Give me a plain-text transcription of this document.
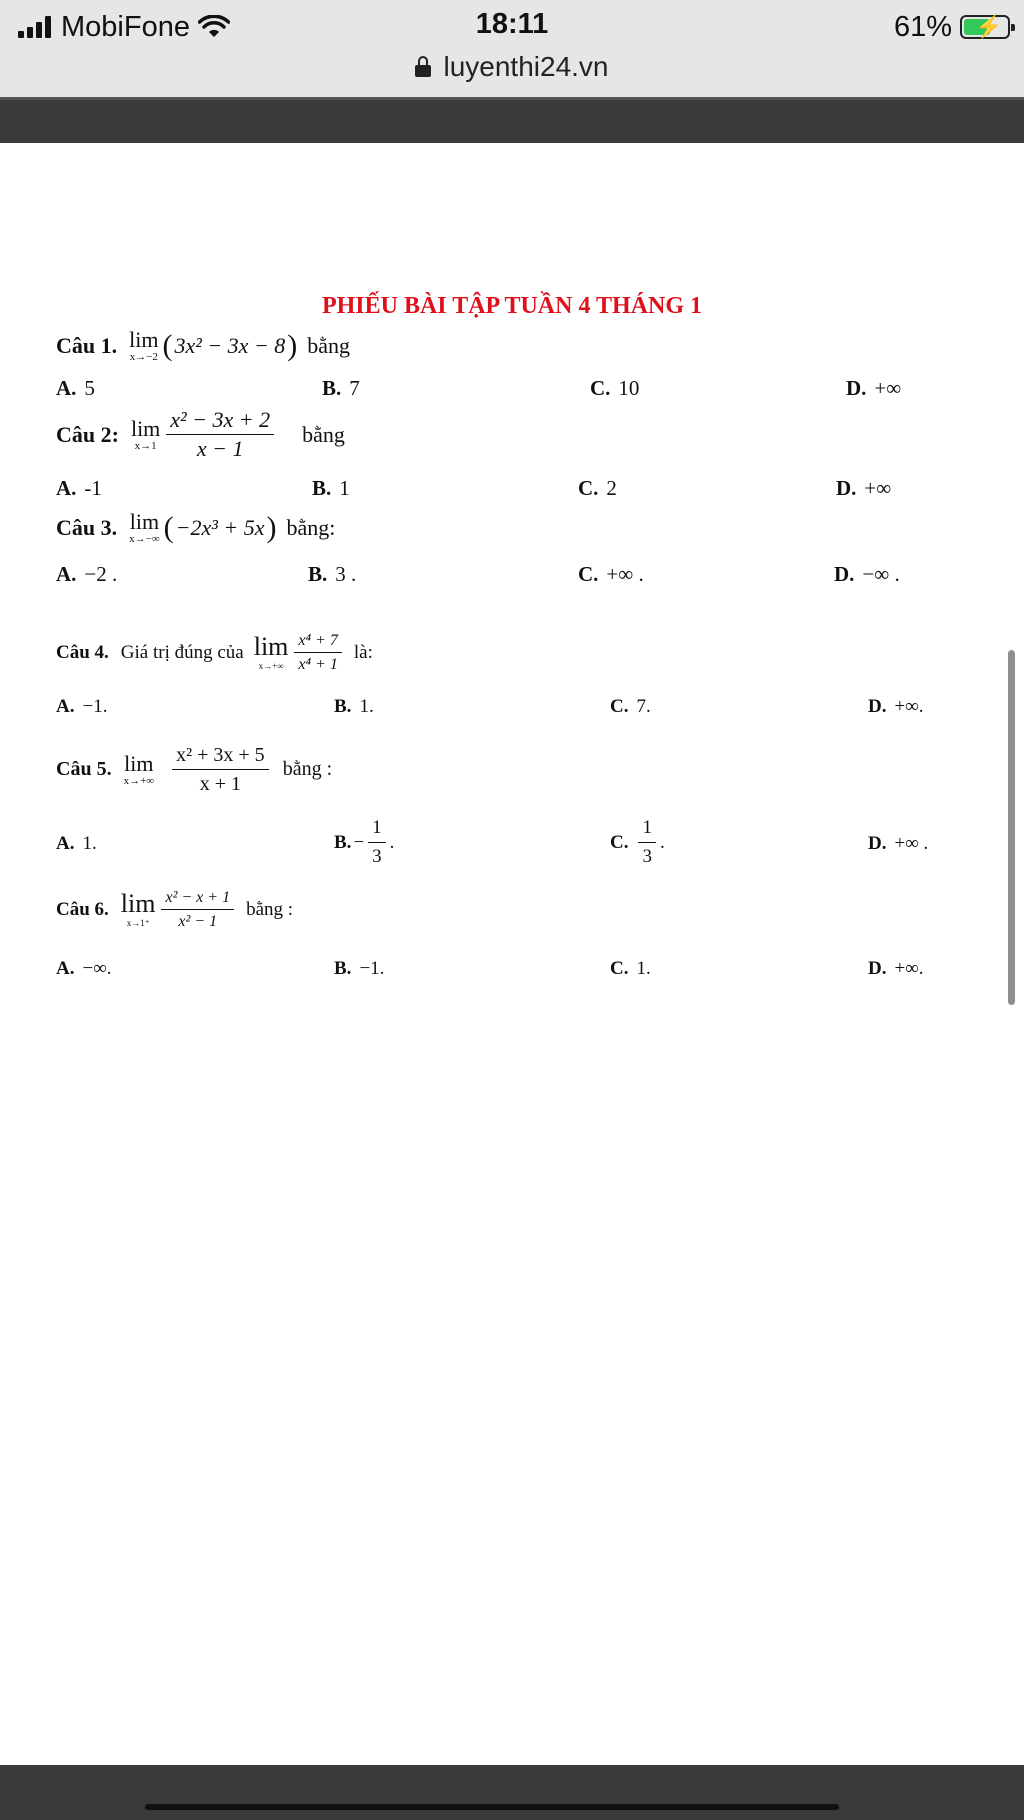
MobiFone	18:11	61% ⚡
luyenthi24.vn
PHIẾU BÀI TẬP TUẦN 4 THÁNG 1
Câu 1. lim
x→−2 ( 3x² − 3x − 8 ) bằng
A. 5	B. 7	C. 10	D. +∞
Câu 2: lim
$x\to 1 \frac{\text{x² − 3x + 2}}{x - 1}$ bằng
A. -1	B. 1	C. 2	D. +∞
Câu 3. lim
x→−∞ ( −2x³ + 5x ) bằng:
A. −2 .	B. 3 .	C. +∞ .	D. −∞ .
Câu 4. Giá trị đúng của lim
$x\to+\infty \frac{\text{x⁴ + 7}}{\text{x⁴ + 1}}$ là:
A. −1.	B. 1.	C. 7.	D. +∞.
Câu 5. lim
$x\to+\infty \frac{\text{x² + 3x + 5}}{x + 1}$ bằng :
A. 1.	B. − $\frac{1}{3}$ .	C. $\frac{1}{3}$ .	D. +∞ .
Câu 6. lim
$x\to 1^+ \frac{\text{x² − x + 1}}{\text{x² − 1}}$ bằng :
A. −∞.	B. −1.	C. 1.	D. +∞.
